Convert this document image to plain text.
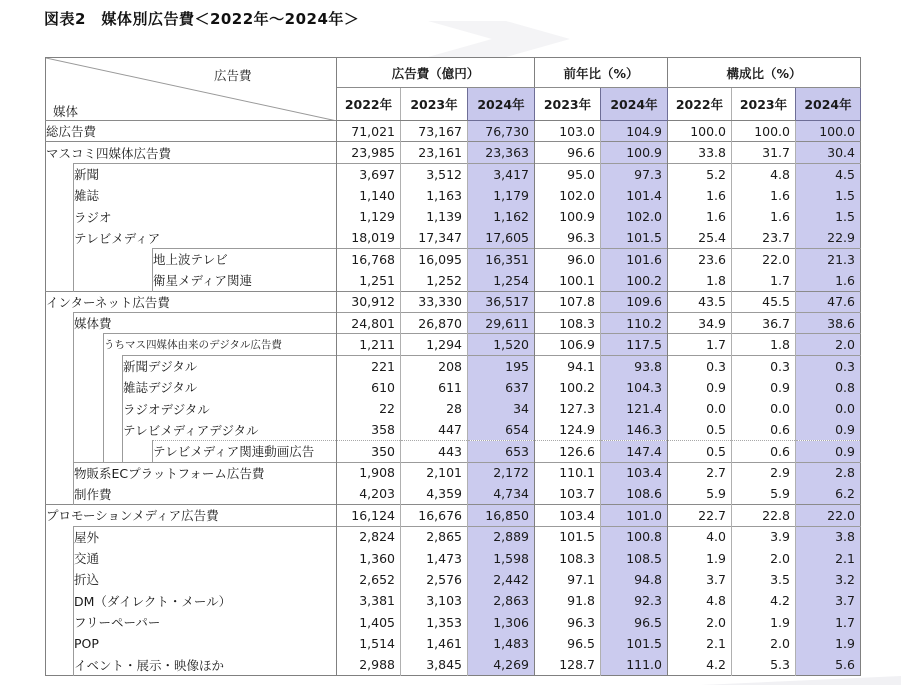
図表2　媒体別広告費＜2022年～2024年＞
広告費
媒体					広告費（億円）			前年比（%）		構成比（%）		
					2022年	2023年	2024年	2023年	2024年	2022年	2023年	2024年
総広告費					71,021	73,167	76,730	103.0	104.9	100.0	100.0	100.0
マスコミ四媒体広告費					23,985	23,161	23,363	96.6	100.9	33.8	31.7	30.4
	新聞				3,697	3,512	3,417	95.0	97.3	5.2	4.8	4.5
	雑誌				1,140	1,163	1,179	102.0	101.4	1.6	1.6	1.5
	ラジオ				1,129	1,139	1,162	100.9	102.0	1.6	1.6	1.5
	テレビメディア				18,019	17,347	17,605	96.3	101.5	25.4	23.7	22.9
				地上波テレビ	16,768	16,095	16,351	96.0	101.6	23.6	22.0	21.3
				衛星メディア関連	1,251	1,252	1,254	100.1	100.2	1.8	1.7	1.6
インターネット広告費					30,912	33,330	36,517	107.8	109.6	43.5	45.5	47.6
	媒体費				24,801	26,870	29,611	108.3	110.2	34.9	36.7	38.6
		うちマス四媒体由来のデジタル広告費			1,211	1,294	1,520	106.9	117.5	1.7	1.8	2.0
			新聞デジタル		221	208	195	94.1	93.8	0.3	0.3	0.3
			雑誌デジタル		610	611	637	100.2	104.3	0.9	0.9	0.8
			ラジオデジタル		22	28	34	127.3	121.4	0.0	0.0	0.0
			テレビメディアデジタル		358	447	654	124.9	146.3	0.5	0.6	0.9
				テレビメディア関連動画広告	350	443	653	126.6	147.4	0.5	0.6	0.9
	物販系ECプラットフォーム広告費				1,908	2,101	2,172	110.1	103.4	2.7	2.9	2.8
	制作費				4,203	4,359	4,734	103.7	108.6	5.9	5.9	6.2
プロモーションメディア広告費					16,124	16,676	16,850	103.4	101.0	22.7	22.8	22.0
	屋外				2,824	2,865	2,889	101.5	100.8	4.0	3.9	3.8
	交通				1,360	1,473	1,598	108.3	108.5	1.9	2.0	2.1
	折込				2,652	2,576	2,442	97.1	94.8	3.7	3.5	3.2
	DM（ダイレクト・メール）				3,381	3,103	2,863	91.8	92.3	4.8	4.2	3.7
	フリーペーパー				1,405	1,353	1,306	96.3	96.5	2.0	1.9	1.7
	POP				1,514	1,461	1,483	96.5	101.5	2.1	2.0	1.9
	イベント・展示・映像ほか				2,988	3,845	4,269	128.7	111.0	4.2	5.3	5.6
